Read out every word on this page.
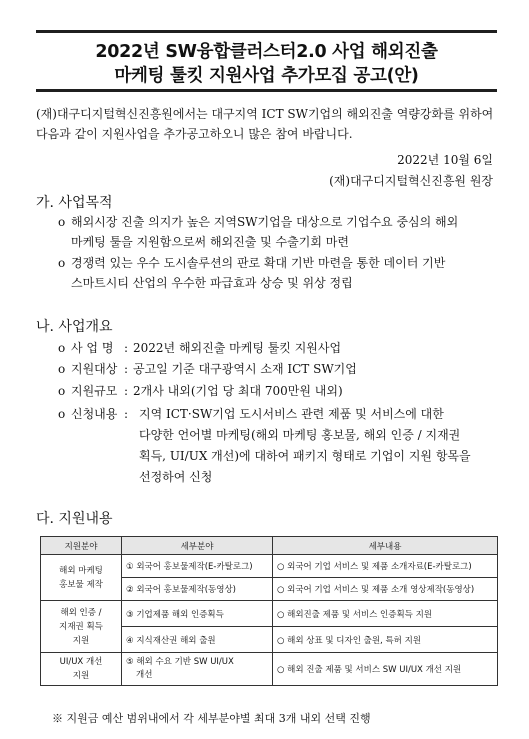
2022년 SW융합클러스터2.0 사업 해외진출
마케팅 툴킷 지원사업 추가모집 공고(안)
(재)대구디지털혁신진흥원에서는 대구지역 ICT SW기업의 해외진출 역량강화를 위하여 다음과 같이 지원사업을 추가공고하오니 많은 참여 바랍니다.
2022년 10월 6일
(재)대구디지털혁신진흥원 원장
가. 사업목적
o 해외시장 진출 의지가 높은 지역SW기업을 대상으로 기업수요 중심의 해외
마케팅 툴을 지원함으로써 해외진출 및 수출기회 마련
o 경쟁력 있는 우수 도시솔루션의 판로 확대 기반 마련을 통한 데이터 기반
스마트시티 산업의 우수한 파급효과 상승 및 위상 정립
나. 사업개요
o 사 업 명 : 2022년 해외진출 마케팅 툴킷 지원사업
o 지원대상 : 공고일 기준 대구광역시 소재 ICT SW기업
o 지원규모 : 2개사 내외(기업 당 최대 700만원 내외)
o 신청내용 : 지역 ICT·SW기업 도시서비스 관련 제품 및 서비스에 대한
다양한 언어별 마케팅(해외 마케팅 홍보물, 해외 인증 / 지재권
획득, UI/UX 개선)에 대하여 패키지 형태로 기업이 지원 항목을
선정하여 신청
다. 지원내용
지원분야	세부분야	세부내용
해외 마케팅
홍보물 제작	① 외국어 홍보물제작(E-카탈로그)	○ 외국어 기업 서비스 및 제품 소개자료(E-카탈로그)
	② 외국어 홍보물제작(동영상)	○ 외국어 기업 서비스 및 제품 소개 영상제작(동영상)
해외 인증 /
지재권 획득
지원	③ 기업제품 해외 인증획득	○ 해외진출 제품 및 서비스 인증획득 지원
	④ 지식재산권 해외 출원	○ 해외 상표 및 디자인 출원, 특허 지원
UI/UX 개선
지원	⑤ 해외 수요 기반 SW UI/UX
개선	○ 해외 진출 제품 및 서비스 SW UI/UX 개선 지원
※ 지원금 예산 범위내에서 각 세부분야별 최대 3개 내외 선택 진행
